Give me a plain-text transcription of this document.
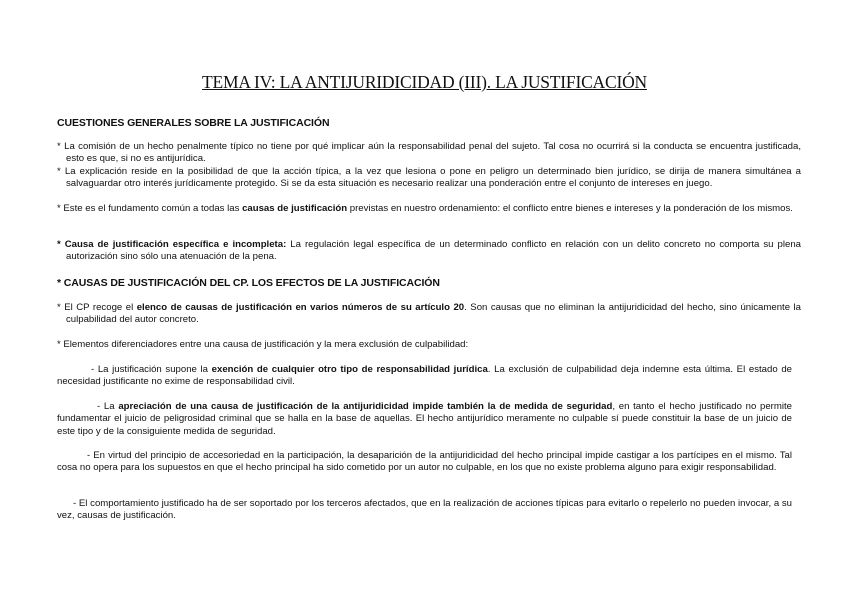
TEMA IV: LA ANTIJURIDICIDAD (III). LA JUSTIFICACIÓN
CUESTIONES GENERALES SOBRE LA JUSTIFICACIÓN
* La comisión de un hecho penalmente típico no tiene por qué implicar aún la responsabilidad penal del sujeto. Tal cosa no ocurrirá si la conducta se encuentra justificada, esto es que, si no es antijurídica.
* La explicación reside en la posibilidad de que la acción típica, a la vez que lesiona o pone en peligro un determinado bien jurídico, se dirija de manera simultánea a salvaguardar otro interés jurídicamente protegido. Si se da esta situación es necesario realizar una ponderación entre el conjunto de intereses en juego.
* Este es el fundamento común a todas las causas de justificación previstas en nuestro ordenamiento: el conflicto entre bienes e intereses y la ponderación de los mismos.
* Causa de justificación específica e incompleta: La regulación legal específica de un determinado conflicto en relación con un delito concreto no comporta su plena autorización sino sólo una atenuación de la pena.
* CAUSAS DE JUSTIFICACIÓN DEL CP. LOS EFECTOS DE LA JUSTIFICACIÓN
* El CP recoge el elenco de causas de justificación en varios números de su artículo 20. Son causas que no eliminan la antijuridicidad del hecho, sino únicamente la culpabilidad del autor concreto.
* Elementos diferenciadores entre una causa de justificación y la mera exclusión de culpabilidad:
- La justificación supone la exención de cualquier otro tipo de responsabilidad jurídica. La exclusión de culpabilidad deja indemne esta última. El estado de necesidad justificante no exime de responsabilidad civil.
- La apreciación de una causa de justificación de la antijuridicidad impide también la de medida de seguridad, en tanto el hecho justificado no permite fundamentar el juicio de peligrosidad criminal que se halla en la base de aquellas. El hecho antijurídico meramente no culpable sí puede constituir la base de un juicio de este tipo y de la consiguiente medida de seguridad.
- En virtud del principio de accesoriedad en la participación, la desaparición de la antijuridicidad del hecho principal impide castigar a los partícipes en el mismo. Tal cosa no opera para los supuestos en que el hecho principal ha sido cometido por un autor no culpable, en los que no existe problema alguno para exigir responsabilidad.
- El comportamiento justificado ha de ser soportado por los terceros afectados, que en la realización de acciones típicas para evitarlo o repelerlo no pueden invocar, a su vez, causas de justificación.
